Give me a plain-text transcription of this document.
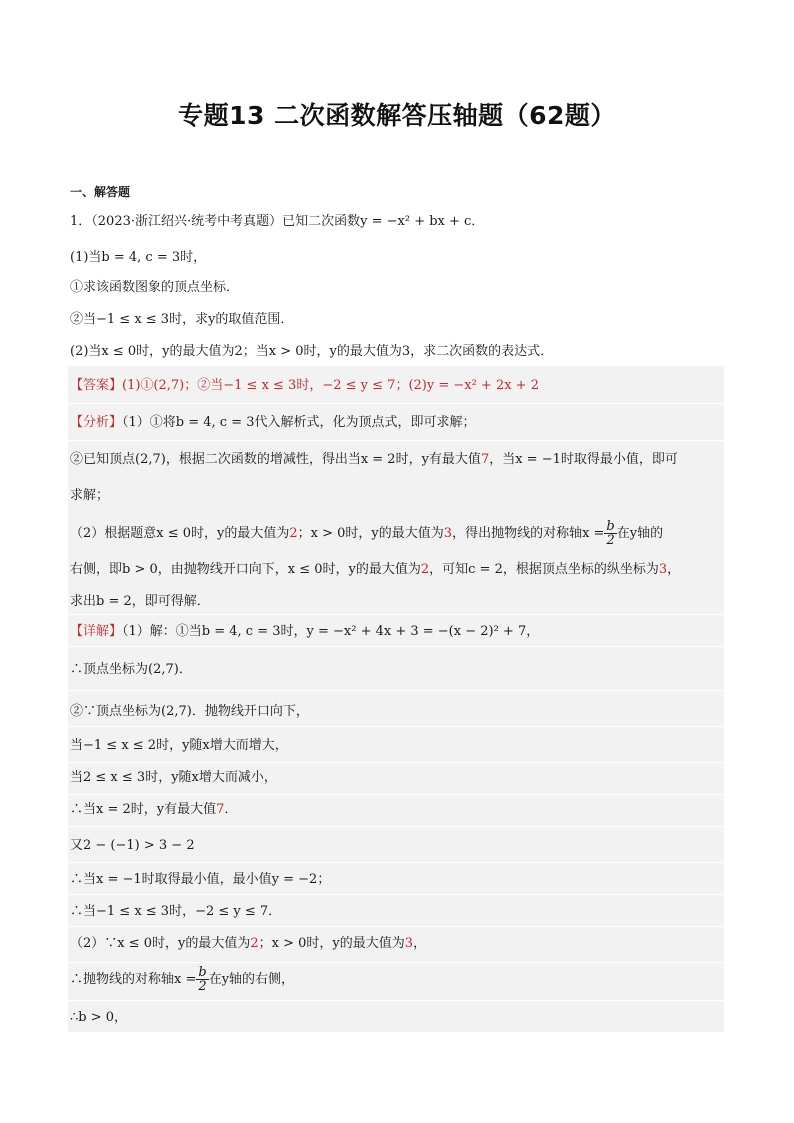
专题13 二次函数解答压轴题（62题）
一、解答题
1．（2023·浙江绍兴·统考中考真题）已知二次函数y = −x² + bx + c．
(1)当b = 4, c = 3时，
①求该函数图象的顶点坐标．
②当−1 ≤ x ≤ 3时，求y的取值范围．
(2)当x ≤ 0时，y的最大值为2；当x > 0时，y的最大值为3，求二次函数的表达式．
【答案】(1)①(2,7)；②当−1 ≤ x ≤ 3时，−2 ≤ y ≤ 7；(2)y = −x² + 2x + 2
【分析】（1）①将b = 4, c = 3代入解析式，化为顶点式，即可求解；
②已知顶点(2,7)，根据二次函数的增减性，得出当x = 2时，y有最大值7，当x = −1时取得最小值，即可
求解；
（2）根据题意x ≤ 0时，y的最大值为2；x > 0时，y的最大值为3，得出抛物线的对称轴$x = \frac{b}{2}$ 在y轴的
右侧，即b > 0，由抛物线开口向下，x ≤ 0时，y的最大值为2，可知c = 2，根据顶点坐标的纵坐标为3，
求出b = 2，即可得解．
【详解】（1）解：①当b = 4, c = 3时，y = −x² + 4x + 3 = −(x − 2)² + 7，
∴顶点坐标为(2,7)．
②∵顶点坐标为(2,7)．抛物线开口向下，
当−1 ≤ x ≤ 2时，y随x增大而增大，
当2 ≤ x ≤ 3时，y随x增大而减小，
∴当x = 2时，y有最大值7．
又2 − (−1) > 3 − 2
∴当x = −1时取得最小值，最小值y = −2；
∴当−1 ≤ x ≤ 3时，−2 ≤ y ≤ 7．
（2）∵x ≤ 0时，y的最大值为2；x > 0时，y的最大值为3，
∴抛物线的对称轴$x = \frac{b}{2}$ 在y轴的右侧，
∴b > 0，
